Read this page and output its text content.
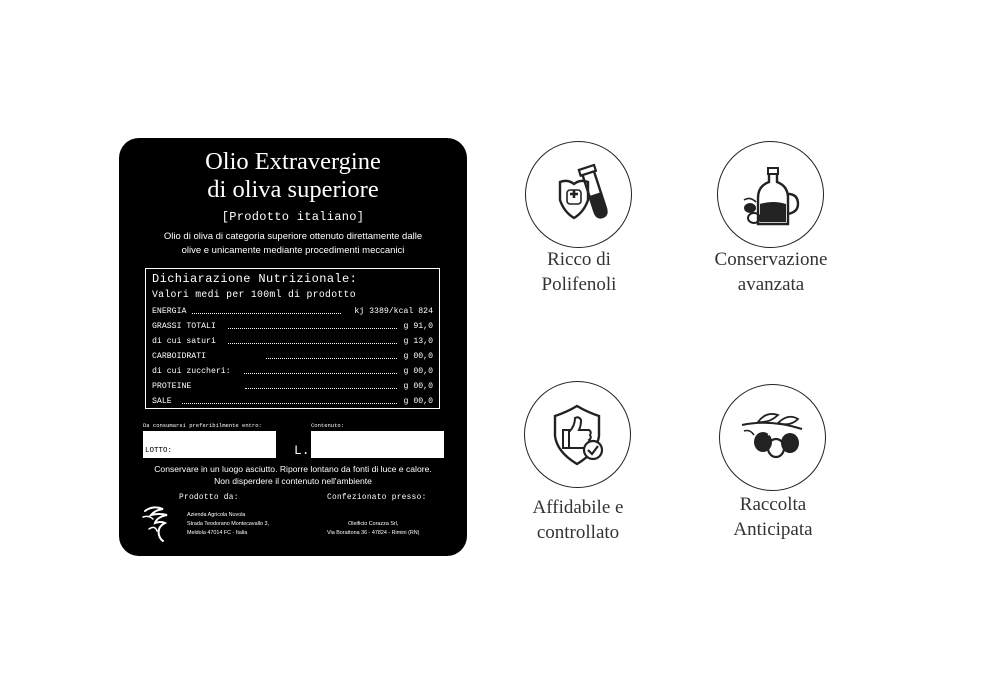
Olio Extravergine
di oliva superiore
[Prodotto italiano]
Olio di oliva di categoria superiore ottenuto direttamente dalle
olive e unicamente mediante procedimenti meccanici
Dichiarazione Nutrizionale:
Valori medi per 100ml di prodotto
ENERGIA	kj 3389/kcal 824
GRASSI TOTALI	g 91,0
di cui saturi	g 13,0
CARBOIDRATI	g 00,0
di cui zuccheri:	g 00,0
PROTEINE	g 00,0
SALE	g 00,0
Da consumarsi preferibilmente entro:	Contenuto:
LOTTO:	L.
Conservare in un luogo asciutto. Riporre lontano da fonti di luce e calore.
Non disperdere il contenuto nell'ambiente
Prodotto da:	Confezionato presso:
Azienda Agricola Nuvola
Strada Teodorano Montecavallo 3,
Meldola 47014 FC - Italia
Oleificio Corazza Srl,
Via Borattona 36 - 47824 - Rimini (RN)
Ricco di
Polifenoli
Conservazione
avanzata
Affidabile e
controllato
Raccolta
Anticipata
